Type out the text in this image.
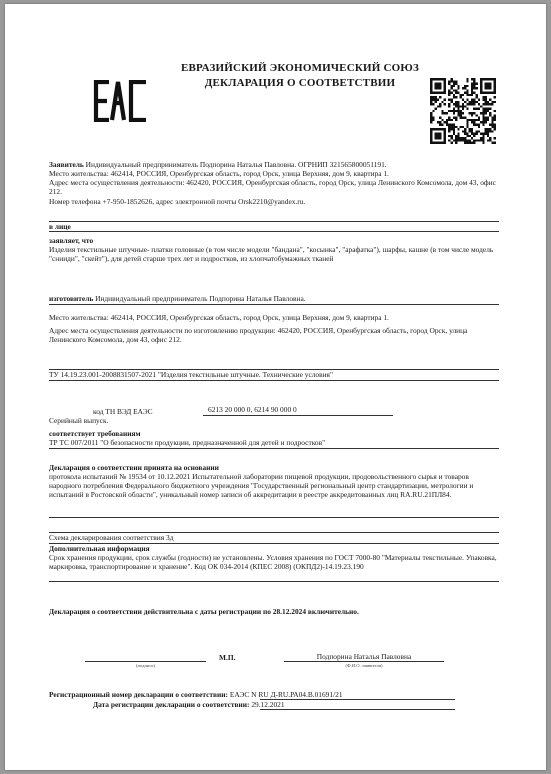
ЕВРАЗИЙСКИЙ ЭКОНОМИЧЕСКИЙ СОЮЗ
ДЕКЛАРАЦИЯ О СООТВЕТСТВИИ
Заявитель Индивидуальный предприниматель Подпорина Наталья Павловна. ОГРНИП 321565800051191.
Место жительства: 462414, РОССИЯ, Оренбургская область, город Орск, улица Верхняя, дом 9, квартира 1.
Адрес места осуществления деятельности: 462420, РОССИЯ, Оренбургская область, город Орск, улица Ленинского Комсомола, дом 43, офис 212.
Номер телефона +7-950-1852626, адрес электронной почты Orsk2210@yandex.ru.
в лице
заявляет, что
Изделия текстильные штучные- платки головные (в том числе модели "бандана", "косынка", "арафатка"), шарфы, кашне (в том числе модель "снииди", "скейт"), для детей старше трех лет и подростков, из хлопчатобумажных тканей
изготовитель Индивидуальный предприниматель Подпорина Наталья Павловна.
Место жительства: 462414, РОССИЯ, Оренбургская область, город Орск, улица Верхняя, дом 9, квартира 1.
Адрес места осуществления деятельности по изготовлению продукции: 462420, РОССИЯ, Оренбургская область, город Орск, улица Ленинского Комсомола, дом 43, офис 212.
ТУ 14.19.23.001-2008831507-2021 "Изделия текстильные штучные. Технические условия"
код ТН ВЭД ЕАЭС	6213 20 000 0, 6214 90 000 0
Серийный выпуск.
соответствует требованиям
ТР ТС 007/2011 "О безопасности продукции, предназначенной для детей и подростков"
Декларация о соответствии принята на основании
протокола испытаний № 19534 от 10.12.2021 Испытательной лаборатории пищевой продукции, продовольственного сырья и товаров народного потребления Федерального бюджетного учреждения "Государственный региональный центр стандартизации, метрологии и испытаний в Ростовской области", уникальный номер записи об аккредитации в реестре аккредитованных лиц RA.RU.21ПЛ84.
Схема декларирования соответствия 3д
Дополнительная информация
Срок хранения продукции, срок службы (годности) не установлены. Условия хранения по ГОСТ 7000-80 "Материалы текстильные. Упаковка, маркировка, транспортирование и хранение". Код ОК 034-2014 (КПЕС 2008) (ОКПД2)-14.19.23.190
Декларация о соответствии действительна с даты регистрации по 28.12.2024 включительно.
(подпись)
М.П.	Подпорина Наталья Павловна
(Ф.И.О. заявителя)
Регистрационный номер декларации о соответствии: ЕАЭС N RU Д-RU.РА04.В.01691/21
Дата регистрации декларации о соответствии: 29.12.2021
